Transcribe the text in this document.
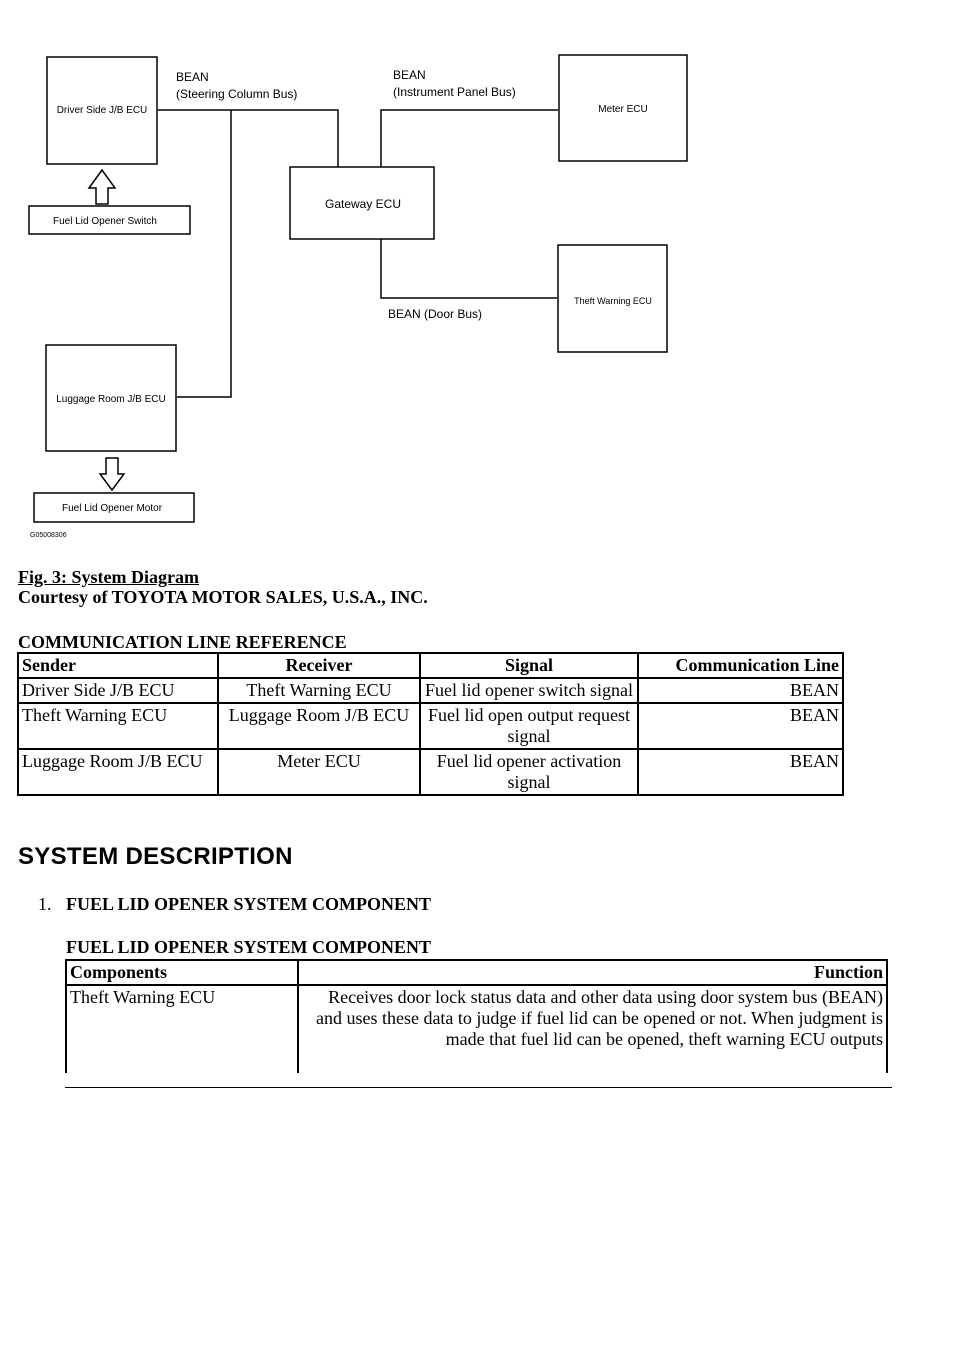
Driver Side J/B ECU
Fuel Lid Opener Switch
Gateway ECU
Meter ECU
Theft Warning ECU
Luggage Room J/B ECU
Fuel Lid Opener Motor
BEAN
(Steering Column Bus)
BEAN
(Instrument Panel Bus)
BEAN (Door Bus)
G05008306
Fig. 3: System Diagram
Courtesy of TOYOTA MOTOR SALES, U.S.A., INC.
COMMUNICATION LINE REFERENCE
Sender	Receiver	Signal	Communication Line
Driver Side J/B ECU	Theft Warning ECU	Fuel lid opener switch signal	BEAN
Theft Warning ECU	Luggage Room J/B ECU	Fuel lid open output request signal	BEAN
Luggage Room J/B ECU	Meter ECU	Fuel lid opener activation signal	BEAN
SYSTEM DESCRIPTION
1. FUEL LID OPENER SYSTEM COMPONENT
FUEL LID OPENER SYSTEM COMPONENT
Components	Function
Theft Warning ECU	Receives door lock status data and other data using door system bus (BEAN) and uses these data to judge if fuel lid can be opened or not. When judgment is made that fuel lid can be opened, theft warning ECU outputs
